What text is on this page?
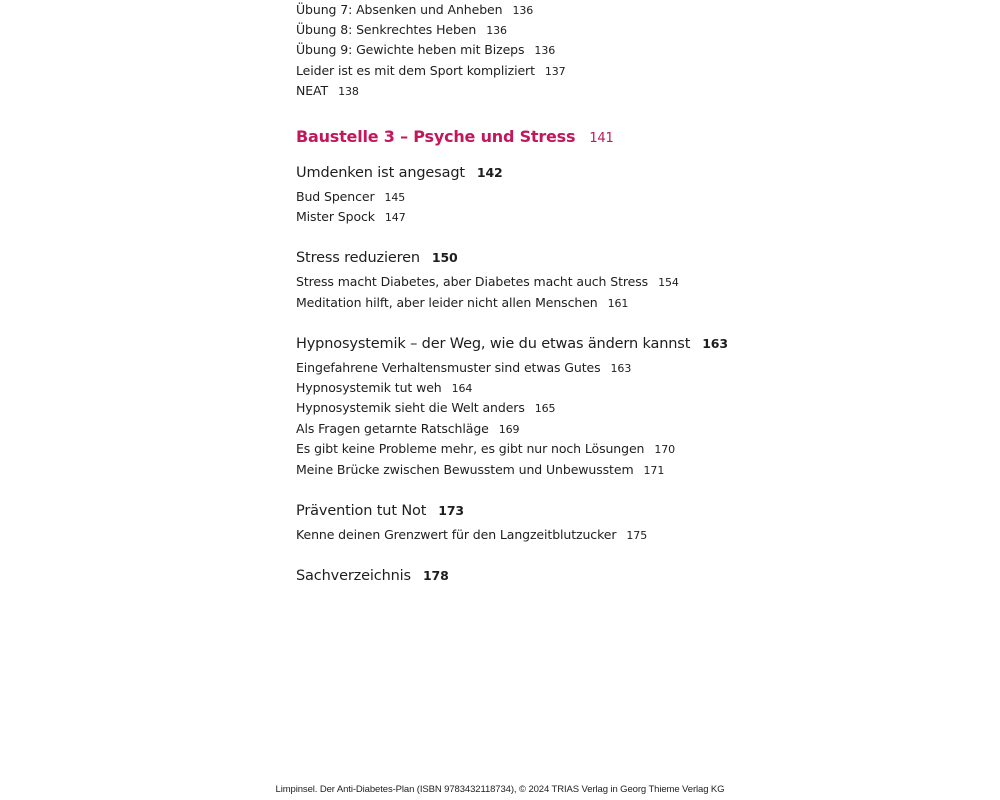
Übung 7: Absenken und Anheben 136
Übung 8: Senkrechtes Heben 136
Übung 9: Gewichte heben mit Bizeps 136
Leider ist es mit dem Sport kompliziert 137
NEAT 138
Baustelle 3 – Psyche und Stress 141
Umdenken ist angesagt 142
Bud Spencer 145
Mister Spock 147
Stress reduzieren 150
Stress macht Diabetes, aber Diabetes macht auch Stress 154
Meditation hilft, aber leider nicht allen Menschen 161
Hypnosystemik – der Weg, wie du etwas ändern kannst 163
Eingefahrene Verhaltensmuster sind etwas Gutes 163
Hypnosystemik tut weh 164
Hypnosystemik sieht die Welt anders 165
Als Fragen getarnte Ratschläge 169
Es gibt keine Probleme mehr, es gibt nur noch Lösungen 170
Meine Brücke zwischen Bewusstem und Unbewusstem 171
Prävention tut Not 173
Kenne deinen Grenzwert für den Langzeitblutzucker 175
Sachverzeichnis 178
Limpinsel. Der Anti-Diabetes-Plan (ISBN 9783432118734), © 2024 TRIAS Verlag in Georg Thieme Verlag KG
